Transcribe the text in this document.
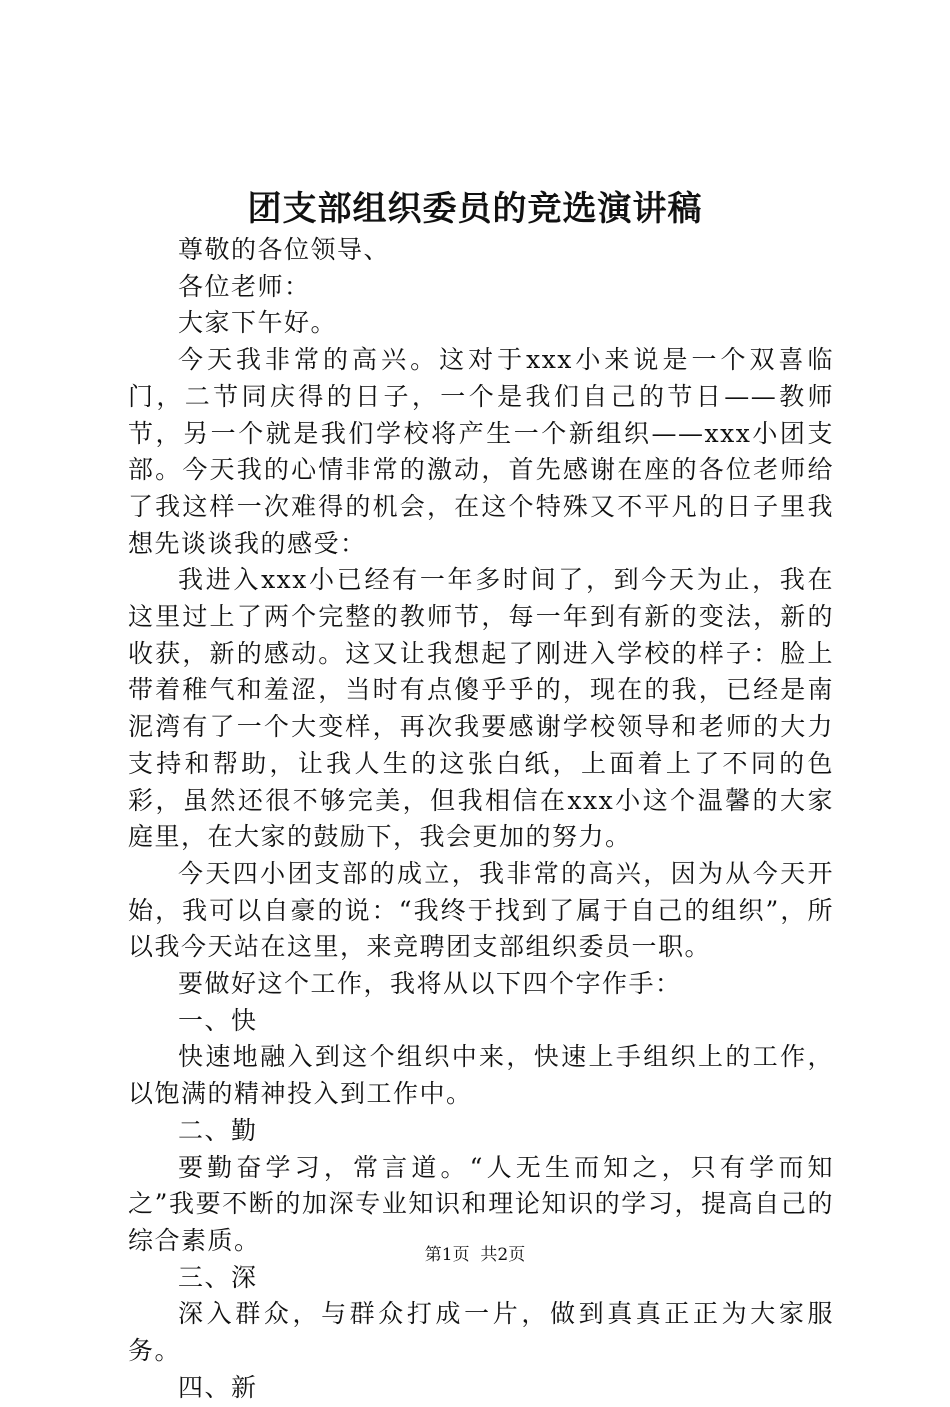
团支部组织委员的竞选演讲稿

尊敬的各位领导、

各位老师：

大家下午好。

今天我非常的高兴。这对于xxx小来说是一个双喜临门，二节同庆得的日子，一个是我们自己的节日——教师节，另一个就是我们学校将产生一个新组织——xxx小团支部。今天我的心情非常的激动，首先感谢在座的各位老师给了我这样一次难得的机会，在这个特殊又不平凡的日子里我想先谈谈我的感受：

我进入xxx小已经有一年多时间了，到今天为止，我在这里过上了两个完整的教师节，每一年到有新的变法，新的收获，新的感动。这又让我想起了刚进入学校的样子：脸上带着稚气和羞涩，当时有点傻乎乎的，现在的我，已经是南泥湾有了一个大变样，再次我要感谢学校领导和老师的大力支持和帮助，让我人生的这张白纸，上面着上了不同的色彩，虽然还很不够完美，但我相信在xxx小这个温馨的大家庭里，在大家的鼓励下，我会更加的努力。

今天四小团支部的成立，我非常的高兴，因为从今天开始，我可以自豪的说：“我终于找到了属于自己的组织”，所以我今天站在这里，来竞聘团支部组织委员一职。

要做好这个工作，我将从以下四个字作手：

一、快

快速地融入到这个组织中来，快速上手组织上的工作，以饱满的精神投入到工作中。

二、勤

要勤奋学习，常言道。“人无生而知之，只有学而知之”我要不断的加深专业知识和理论知识的学习，提高自己的综合素质。

三、深

深入群众，与群众打成一片，做到真真正正为大家服务。

四、新

第1页 共2页
